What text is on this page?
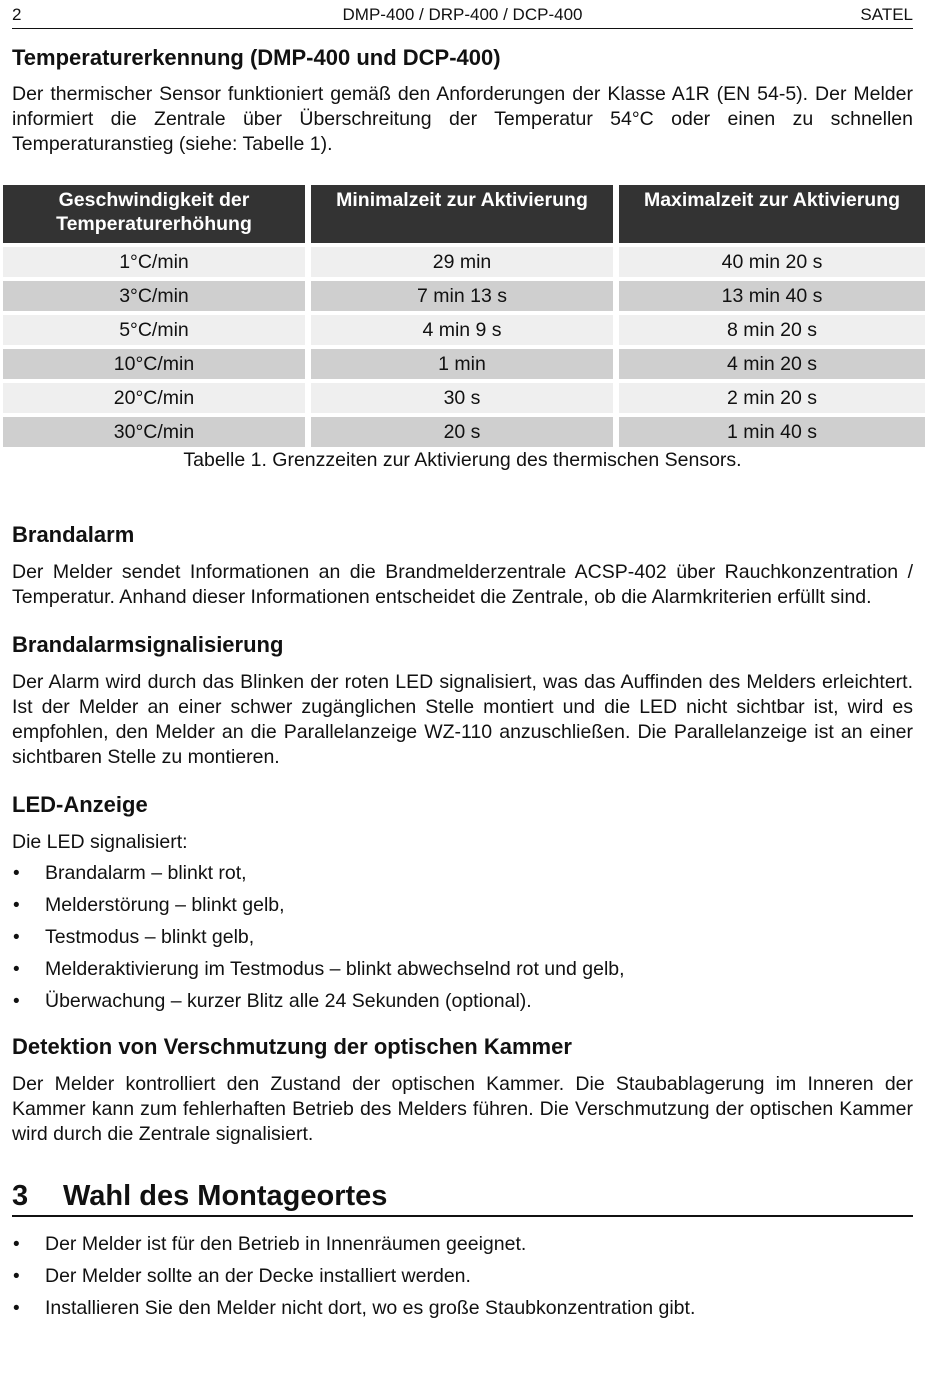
2	DMP-400 / DRP-400 / DCP-400	SATEL
Temperaturerkennung (DMP-400 und DCP-400)

Der thermischer Sensor funktioniert gemäß den Anforderungen der Klasse A1R (EN 54-5). Der Melder informiert die Zentrale über Überschreitung der Temperatur 54°C oder einen zu schnellen Temperaturanstieg (siehe: Tabelle 1).

Geschwindigkeit der Temperaturerhöhung	Minimalzeit zur Aktivierung	Maximalzeit zur Aktivierung
1°C/min	29 min	40 min 20 s
3°C/min	7 min 13 s	13 min 40 s
5°C/min	4 min 9 s	8 min 20 s
10°C/min	1 min	4 min 20 s
20°C/min	30 s	2 min 20 s
30°C/min	20 s	1 min 40 s
Tabelle 1. Grenzzeiten zur Aktivierung des thermischen Sensors.
Brandalarm

Der Melder sendet Informationen an die Brandmelderzentrale ACSP-402 über Rauchkonzentration / Temperatur. Anhand dieser Informationen entscheidet die Zentrale, ob die Alarmkriterien erfüllt sind.

Brandalarmsignalisierung

Der Alarm wird durch das Blinken der roten LED signalisiert, was das Auffinden des Melders erleichtert. Ist der Melder an einer schwer zugänglichen Stelle montiert und die LED nicht sichtbar ist, wird es empfohlen, den Melder an die Parallelanzeige WZ-110 anzuschließen. Die Parallelanzeige ist an einer sichtbaren Stelle zu montieren.

LED-Anzeige

Die LED signalisiert:

• Brandalarm – blinkt rot,
• Melderstörung – blinkt gelb,
• Testmodus – blinkt gelb,
• Melderaktivierung im Testmodus – blinkt abwechselnd rot und gelb,
• Überwachung – kurzer Blitz alle 24 Sekunden (optional).
Detektion von Verschmutzung der optischen Kammer

Der Melder kontrolliert den Zustand der optischen Kammer. Die Staubablagerung im Inneren der Kammer kann zum fehlerhaften Betrieb des Melders führen. Die Verschmutzung der optischen Kammer wird durch die Zentrale signalisiert.

3 Wahl des Montageortes
• Der Melder ist für den Betrieb in Innenräumen geeignet.
• Der Melder sollte an der Decke installiert werden.
• Installieren Sie den Melder nicht dort, wo es große Staubkonzentration gibt.
